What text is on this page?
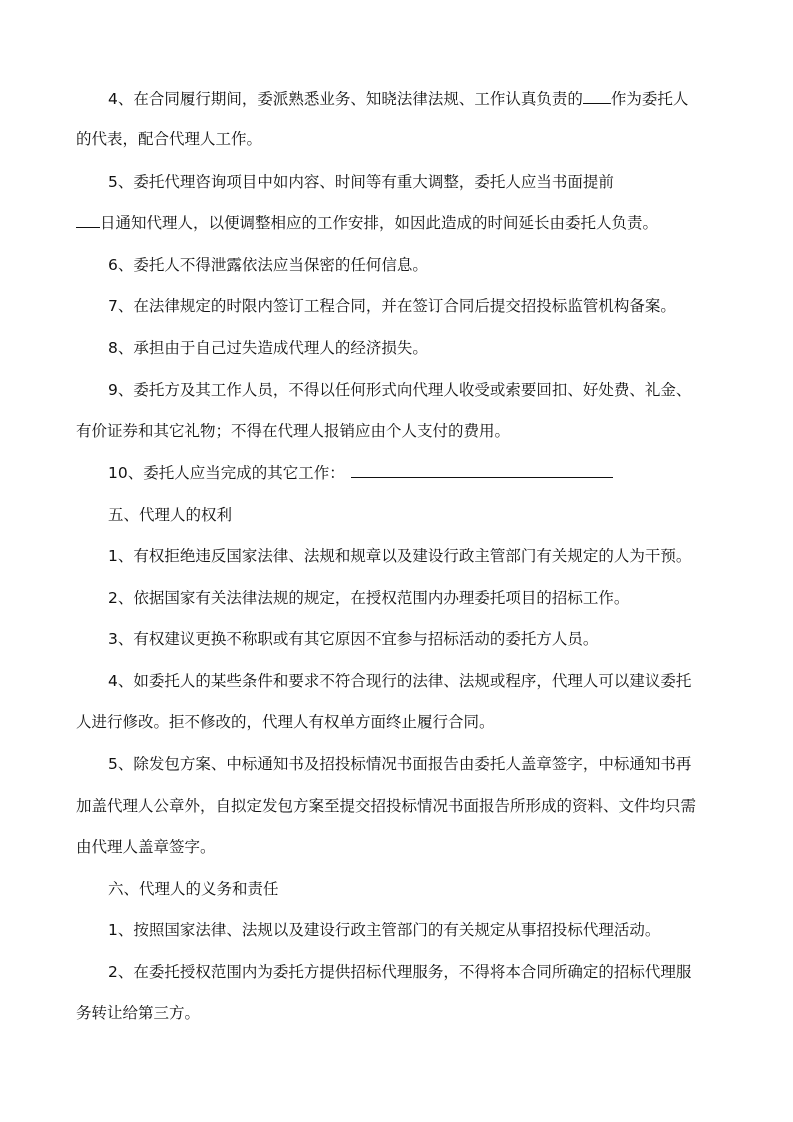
4、在合同履行期间，委派熟悉业务、知晓法律法规、工作认真负责的 作为委托人
的代表，配合代理人工作。
5、委托代理咨询项目中如内容、时间等有重大调整，委托人应当书面提前
日通知代理人，以便调整相应的工作安排，如因此造成的时间延长由委托人负责。
6、委托人不得泄露依法应当保密的任何信息。
7、在法律规定的时限内签订工程合同，并在签订合同后提交招投标监管机构备案。
8、承担由于自己过失造成代理人的经济损失。
9、委托方及其工作人员，不得以任何形式向代理人收受或索要回扣、好处费、礼金、
有价证券和其它礼物；不得在代理人报销应由个人支付的费用。
10、委托人应当完成的其它工作：
五、代理人的权利
1、有权拒绝违反国家法律、法规和规章以及建设行政主管部门有关规定的人为干预。
2、依据国家有关法律法规的规定，在授权范围内办理委托项目的招标工作。
3、有权建议更换不称职或有其它原因不宜参与招标活动的委托方人员。
4、如委托人的某些条件和要求不符合现行的法律、法规或程序，代理人可以建议委托
人进行修改。拒不修改的，代理人有权单方面终止履行合同。
5、除发包方案、中标通知书及招投标情况书面报告由委托人盖章签字，中标通知书再
加盖代理人公章外，自拟定发包方案至提交招投标情况书面报告所形成的资料、文件均只需
由代理人盖章签字。
六、代理人的义务和责任
1、按照国家法律、法规以及建设行政主管部门的有关规定从事招投标代理活动。
2、在委托授权范围内为委托方提供招标代理服务，不得将本合同所确定的招标代理服
务转让给第三方。
